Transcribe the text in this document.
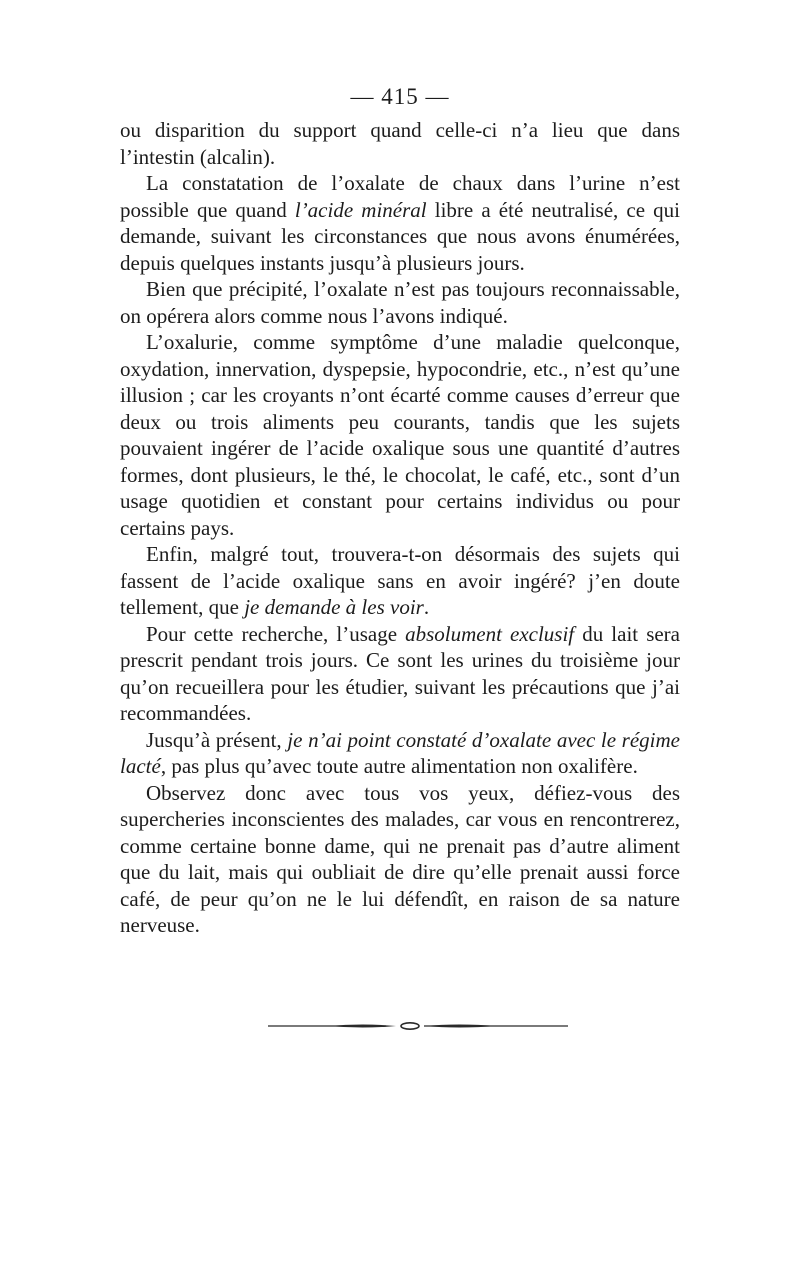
— 415 —

ou disparition du support quand celle-ci n’a lieu que dans l’intestin (alcalin).

La constatation de l’oxalate de chaux dans l’urine n’est possible que quand l’acide minéral libre a été neutralisé, ce qui demande, suivant les circonstances que nous avons énumérées, depuis quelques instants jusqu’à plusieurs jours.

Bien que précipité, l’oxalate n’est pas toujours reconnaissable, on opérera alors comme nous l’avons indiqué.

L’oxalurie, comme symptôme d’une maladie quelconque, oxydation, innervation, dyspepsie, hypocondrie, etc., n’est qu’une illusion ; car les croyants n’ont écarté comme causes d’erreur que deux ou trois aliments peu courants, tandis que les sujets pouvaient ingérer de l’acide oxalique sous une quantité d’autres formes, dont plusieurs, le thé, le chocolat, le café, etc., sont d’un usage quotidien et constant pour certains individus ou pour certains pays.

Enfin, malgré tout, trouvera-t-on désormais des sujets qui fassent de l’acide oxalique sans en avoir ingéré? j’en doute tellement, que je demande à les voir.

Pour cette recherche, l’usage absolument exclusif du lait sera prescrit pendant trois jours. Ce sont les urines du troisième jour qu’on recueillera pour les étudier, suivant les précautions que j’ai recommandées.

Jusqu’à présent, je n’ai point constaté d’oxalate avec le régime lacté, pas plus qu’avec toute autre alimentation non oxalifère.

Observez donc avec tous vos yeux, défiez-vous des supercheries inconscientes des malades, car vous en rencontrerez, comme certaine bonne dame, qui ne prenait pas d’autre aliment que du lait, mais qui oubliait de dire qu’elle prenait aussi force café, de peur qu’on ne le lui défendît, en raison de sa nature nerveuse.
